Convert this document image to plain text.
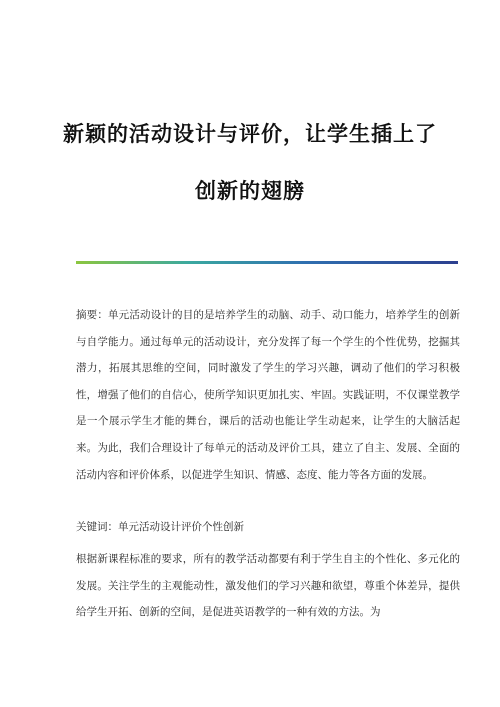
新颖的活动设计与评价，让学生插上了
创新的翅膀

摘要：单元活动设计的目的是培养学生的动脑、动手、动口能力，培养学生的创新与自学能力。通过每单元的活动设计，充分发挥了每一个学生的个性优势，挖掘其潜力，拓展其思维的空间，同时激发了学生的学习兴趣，调动了他们的学习积极性，增强了他们的自信心，使所学知识更加扎实、牢固。实践证明，不仅课堂教学是一个展示学生才能的舞台，课后的活动也能让学生动起来，让学生的大脑活起来。为此，我们合理设计了每单元的活动及评价工具，建立了自主、发展、全面的活动内容和评价体系，以促进学生知识、情感、态度、能力等各方面的发展。

关键词：单元活动设计评价个性创新

根据新课程标准的要求，所有的教学活动都要有利于学生自主的个性化、多元化的发展。关注学生的主观能动性，激发他们的学习兴趣和欲望，尊重个体差异，提供给学生开拓、创新的空间，是促进英语教学的一种有效的方法。为
